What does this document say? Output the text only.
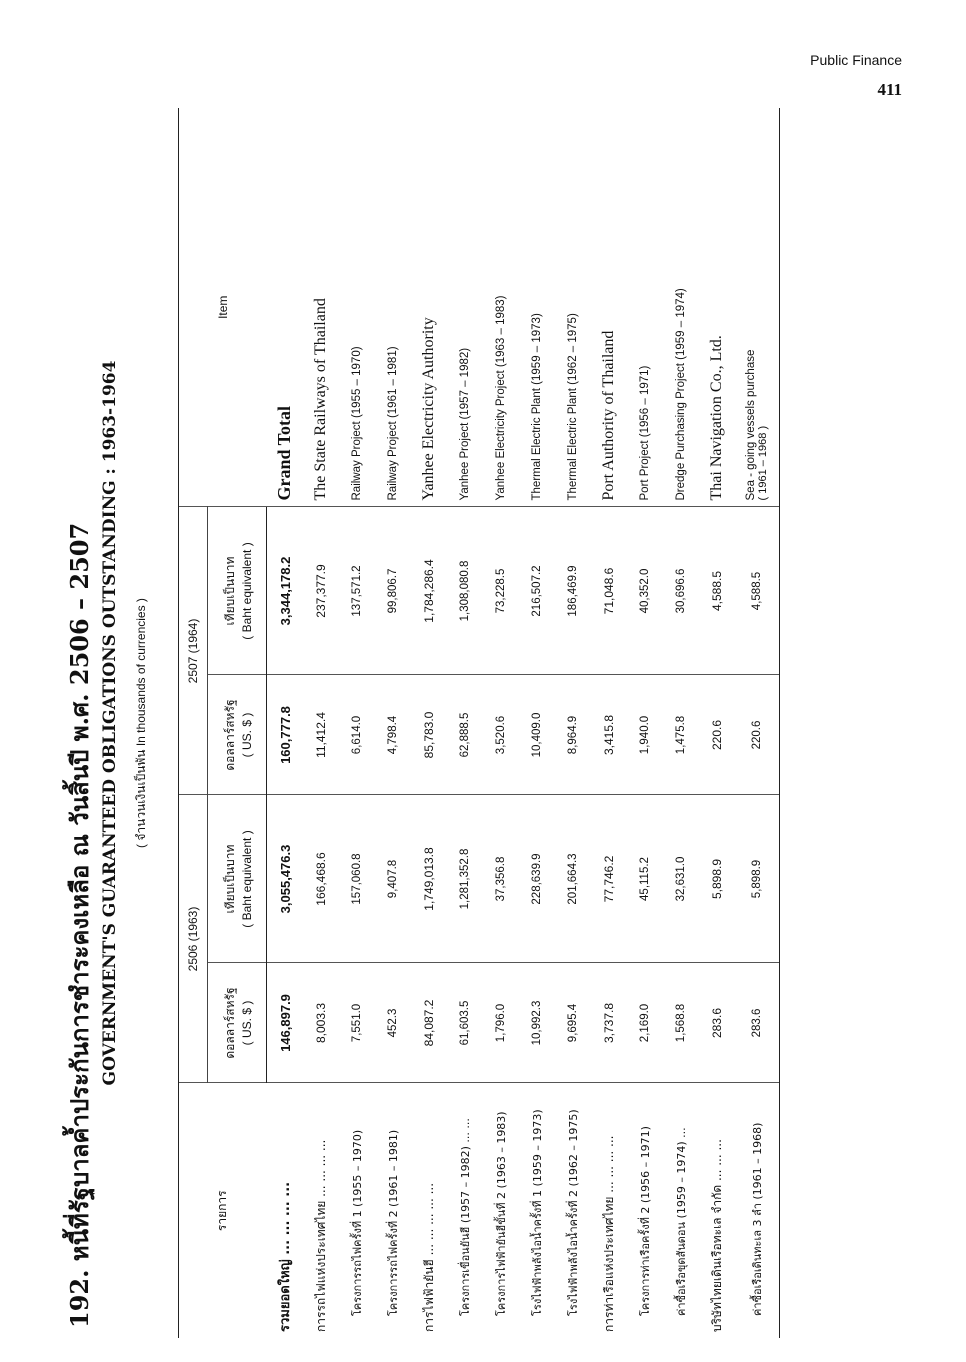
Public Finance
411
192. หนี้ที่รัฐบาลค้ำประกันการชำระคงเหลือ ณ วันสิ้นปี พ.ศ. 2506 – 2507 GOVERNMENT'S GUARANTEED OBLIGATIONS OUTSTANDING : 1963-1964 ( จำนวนเงินเป็นพัน In thousands of currencies )
รายการ	2506 (1963)		2507 (1964)		Item

	ดอลลาร์สหรัฐ ( US. $ )	เทียบเป็นบาท ( Baht equivalent )	ดอลลาร์สหรัฐ ( US. $ )	เทียบเป็นบาท ( Baht equivalent )	

รวมยอดใหญ่ ... ... ... ...	146,897.9	3,055,476.3	160,777.8	3,344,178.2	Grand Total

การรถไฟแห่งประเทศไทย ... ... ... ...	8,003.3	166,468.6	11,412.4	237,377.9	The State Railways of Thailand

โครงการรถไฟครั้งที่ 1 (1955 – 1970)	7,551.0	157,060.8	6,614.0	137,571.2	Railway Project (1955 – 1970)

โครงการรถไฟครั้งที่ 2 (1961 – 1981)	452.3	9,407.8	4,798.4	99,806.7	Railway Project (1961 – 1981)

การไฟฟ้ายันฮี ... ... ... ... ...	84,087.2	1,749,013.8	85,783.0	1,784,286.4	Yanhee Electricity Authority

โครงการเขื่อนยันฮี (1957 – 1982) ... ...	61,603.5	1,281,352.8	62,888.5	1,308,080.8	Yanhee Project (1957 – 1982)

โครงการไฟฟ้ายันฮีขั้นที่ 2 (1963 – 1983)	1,796.0	37,356.8	3,520.6	73,228.5	Yanhee Electricity Project (1963 – 1983)

โรงไฟฟ้าพลังไอน้ำครั้งที่ 1 (1959 – 1973)	10,992.3	228,639.9	10,409.0	216,507.2	Thermal Electric Plant (1959 – 1973)

โรงไฟฟ้าพลังไอน้ำครั้งที่ 2 (1962 – 1975)	9,695.4	201,664.3	8,964.9	186,469.9	Thermal Electric Plant (1962 – 1975)

การท่าเรือแห่งประเทศไทย ... ... ... ...	3,737.8	77,746.2	3,415.8	71,048.6	Port Authority of Thailand

โครงการท่าเรือครั้งที่ 2 (1956 – 1971)	2,169.0	45,115.2	1,940.0	40,352.0	Port Project (1956 – 1971)

ค่าซื้อเรือขุดสันดอน (1959 – 1974) ...	1,568.8	32,631.0	1,475.8	30,696.6	Dredge Purchasing Project (1959 – 1974)

บริษัทไทยเดินเรือทะเล จำกัด ... ... ...	283.6	5,898.9	220.6	4,588.5	Thai Navigation Co., Ltd.

ค่าซื้อเรือเดินทะเล 3 ลำ (1961 – 1968)	283.6	5,898.9	220.6	4,588.5	Sea - going vessels purchase ( 1961 – 1968 )
